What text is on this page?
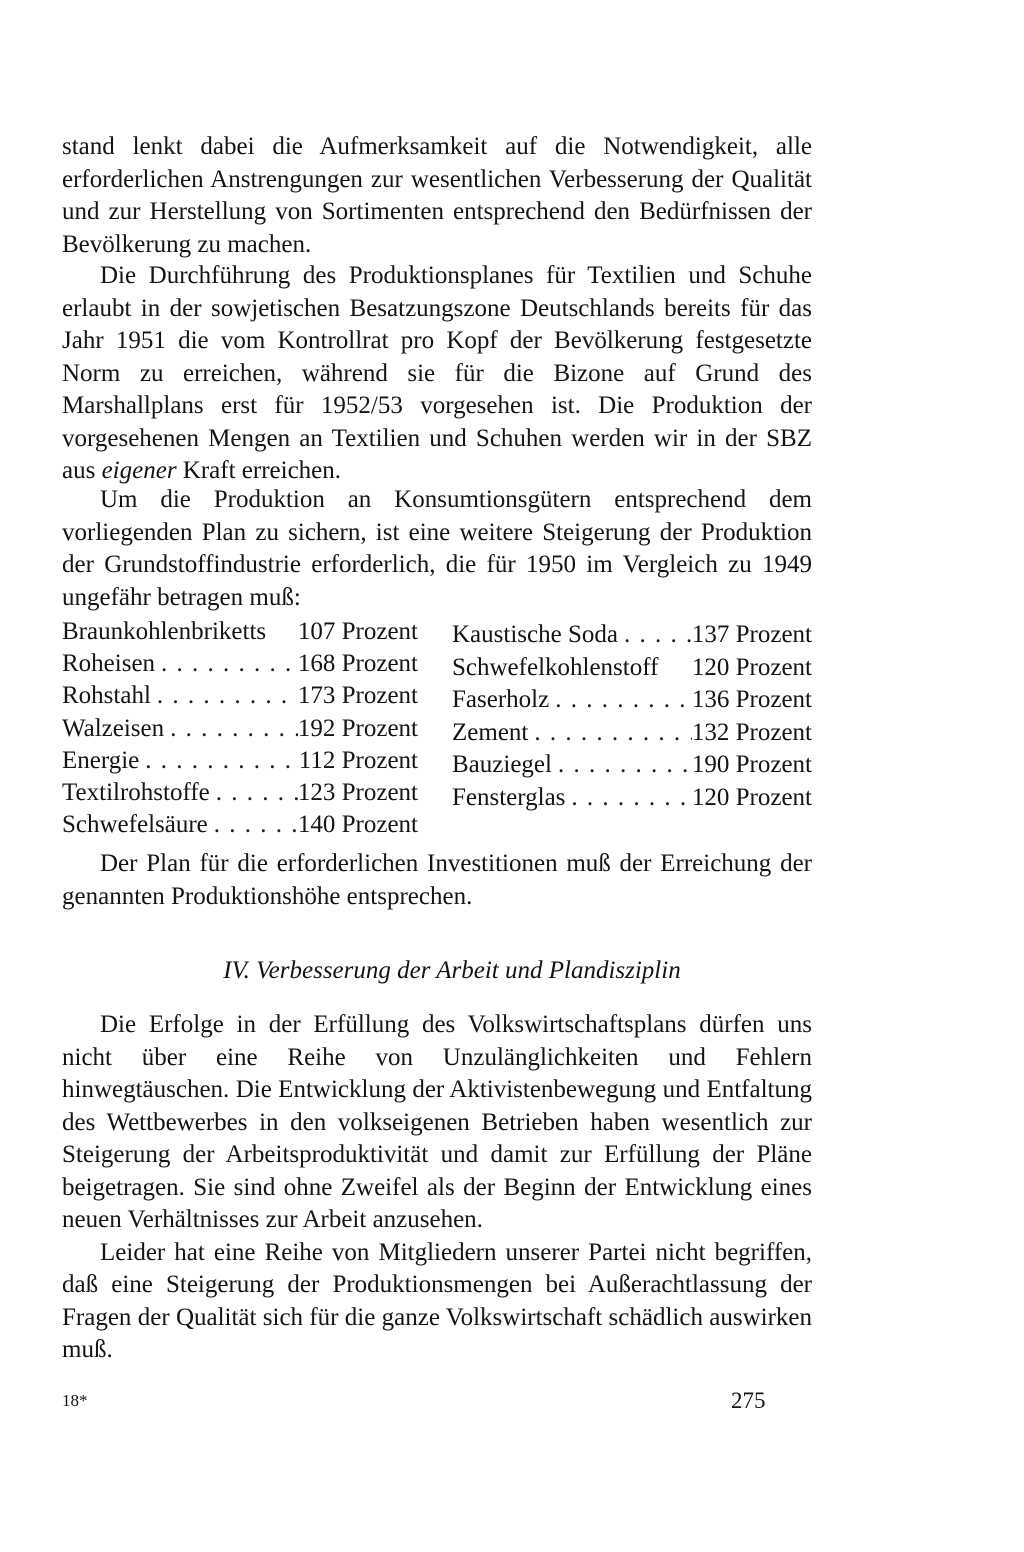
stand lenkt dabei die Aufmerksamkeit auf die Notwendigkeit, alle erforderlichen Anstrengungen zur wesentlichen Verbesserung der Qualität und zur Herstellung von Sortimenten entsprechend den Bedürfnissen der Bevölkerung zu machen.

Die Durchführung des Produktionsplanes für Textilien und Schuhe erlaubt in der sowjetischen Besatzungszone Deutschlands bereits für das Jahr 1951 die vom Kontrollrat pro Kopf der Bevölkerung festgesetzte Norm zu erreichen, während sie für die Bizone auf Grund des Marshallplans erst für 1952/53 vorgesehen ist. Die Produktion der vorgesehenen Mengen an Textilien und Schuhen werden wir in der SBZ aus eigener Kraft erreichen.

Um die Produktion an Konsumtionsgütern entsprechend dem vorliegenden Plan zu sichern, ist eine weitere Steigerung der Produktion der Grundstoffindustrie erforderlich, die für 1950 im Vergleich zu 1949 ungefähr betragen muß:

Braunkohlenbriketts 107 Prozent
Roheisen . . .	168 Prozent
Rohstahl . . .	173 Prozent
Walzeisen . . .	192 Prozent
Energie . . .	112 Prozent
Textilrohstoffe . . .	123 Prozent
Schwefelsäure . . .	140 Prozent
Kaustische Soda . . .	137 Prozent
Schwefelkohlenstoff 120 Prozent
Faserholz . . .	136 Prozent
Zement . . .	132 Prozent
Bauziegel . . .	190 Prozent
Fensterglas . . .	120 Prozent

Der Plan für die erforderlichen Investitionen muß der Erreichung der genannten Produktionshöhe entsprechen.

IV. Verbesserung der Arbeit und Plandisziplin

Die Erfolge in der Erfüllung des Volkswirtschaftsplans dürfen uns nicht über eine Reihe von Unzulänglichkeiten und Fehlern hinwegtäuschen. Die Entwicklung der Aktivistenbewegung und Entfaltung des Wettbewerbes in den volkseigenen Betrieben haben wesentlich zur Steigerung der Arbeitsproduktivität und damit zur Erfüllung der Pläne beigetragen. Sie sind ohne Zweifel als der Beginn der Entwicklung eines neuen Verhältnisses zur Arbeit anzusehen.

Leider hat eine Reihe von Mitgliedern unserer Partei nicht begriffen, daß eine Steigerung der Produktionsmengen bei Außerachtlassung der Fragen der Qualität sich für die ganze Volkswirtschaft schädlich auswirken muß.

18*	275
